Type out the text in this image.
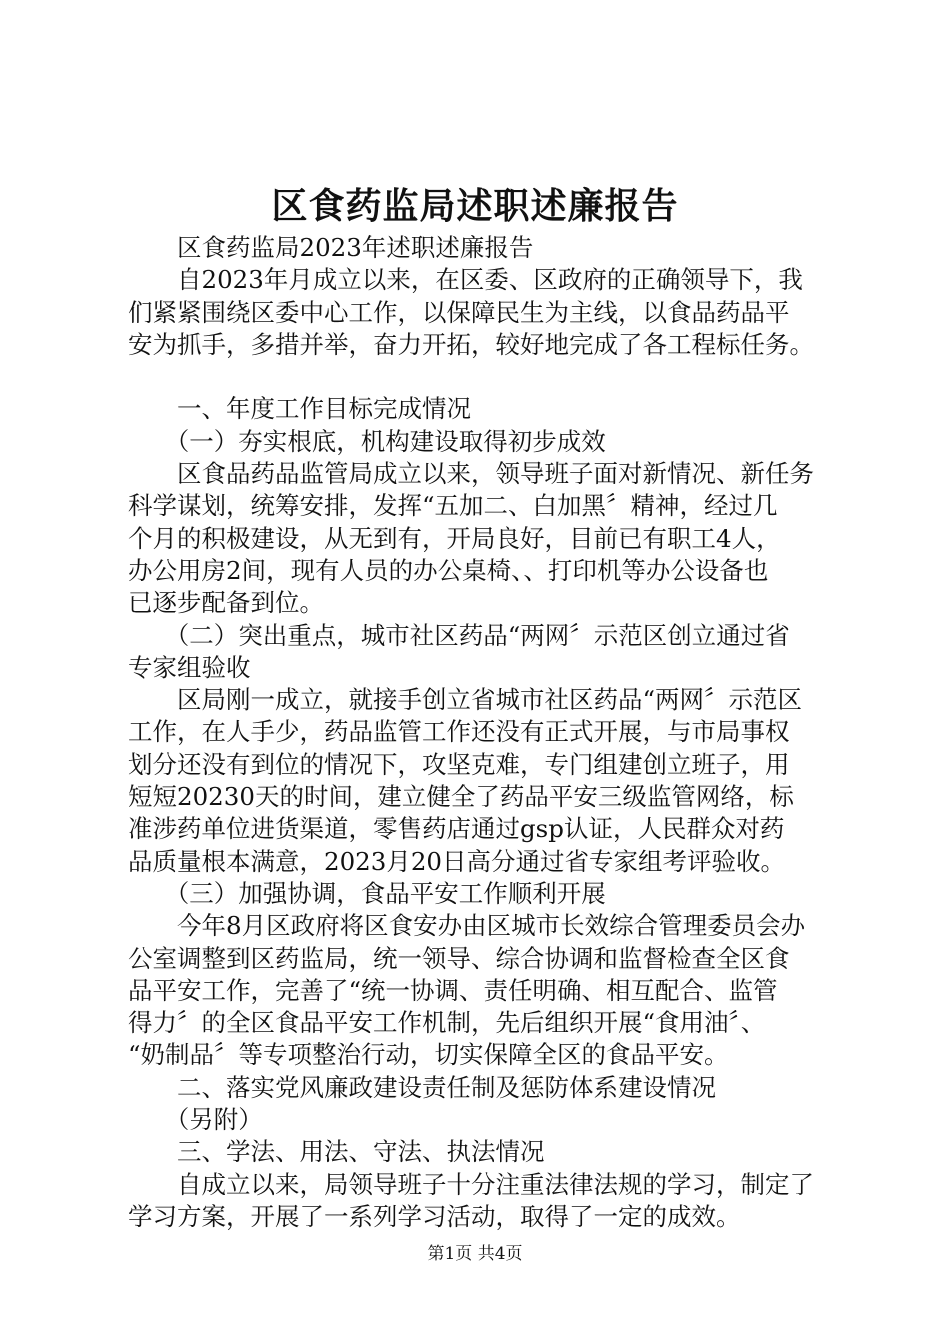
区食药监局述职述廉报告
　　区食药监局2023年述职述廉报告
　　自2023年月成立以来，在区委、区政府的正确领导下，我
们紧紧围绕区委中心工作，以保障民生为主线，以食品药品平
安为抓手，多措并举，奋力开拓，较好地完成了各工程标任务。
　　一、年度工作目标完成情况
　　（一）夯实根底，机构建设取得初步成效
　　区食品药品监管局成立以来，领导班子面对新情况、新任务
科学谋划，统筹安排，发挥“五加二、白加黑〞精神，经过几
个月的积极建设，从无到有，开局良好，目前已有职工4人，
办公用房2间，现有人员的办公桌椅、、打印机等办公设备也
已逐步配备到位。
　　（二）突出重点，城市社区药品“两网〞示范区创立通过省
专家组验收
　　区局刚一成立，就接手创立省城市社区药品“两网〞示范区
工作，在人手少，药品监管工作还没有正式开展，与市局事权
划分还没有到位的情况下，攻坚克难，专门组建创立班子，用
短短20230天的时间，建立健全了药品平安三级监管网络，标
准涉药单位进货渠道，零售药店通过gsp认证，人民群众对药
品质量根本满意，2023月20日高分通过省专家组考评验收。
　　（三）加强协调，食品平安工作顺利开展
　　今年8月区政府将区食安办由区城市长效综合管理委员会办
公室调整到区药监局，统一领导、综合协调和监督检查全区食
品平安工作，完善了“统一协调、责任明确、相互配合、监管
得力〞的全区食品平安工作机制，先后组织开展“食用油〞、
“奶制品〞等专项整治行动，切实保障全区的食品平安。
　　二、落实党风廉政建设责任制及惩防体系建设情况
　　（另附）
　　三、学法、用法、守法、执法情况
　　自成立以来，局领导班子十分注重法律法规的学习，制定了
学习方案，开展了一系列学习活动，取得了一定的成效。
第1页 共4页
